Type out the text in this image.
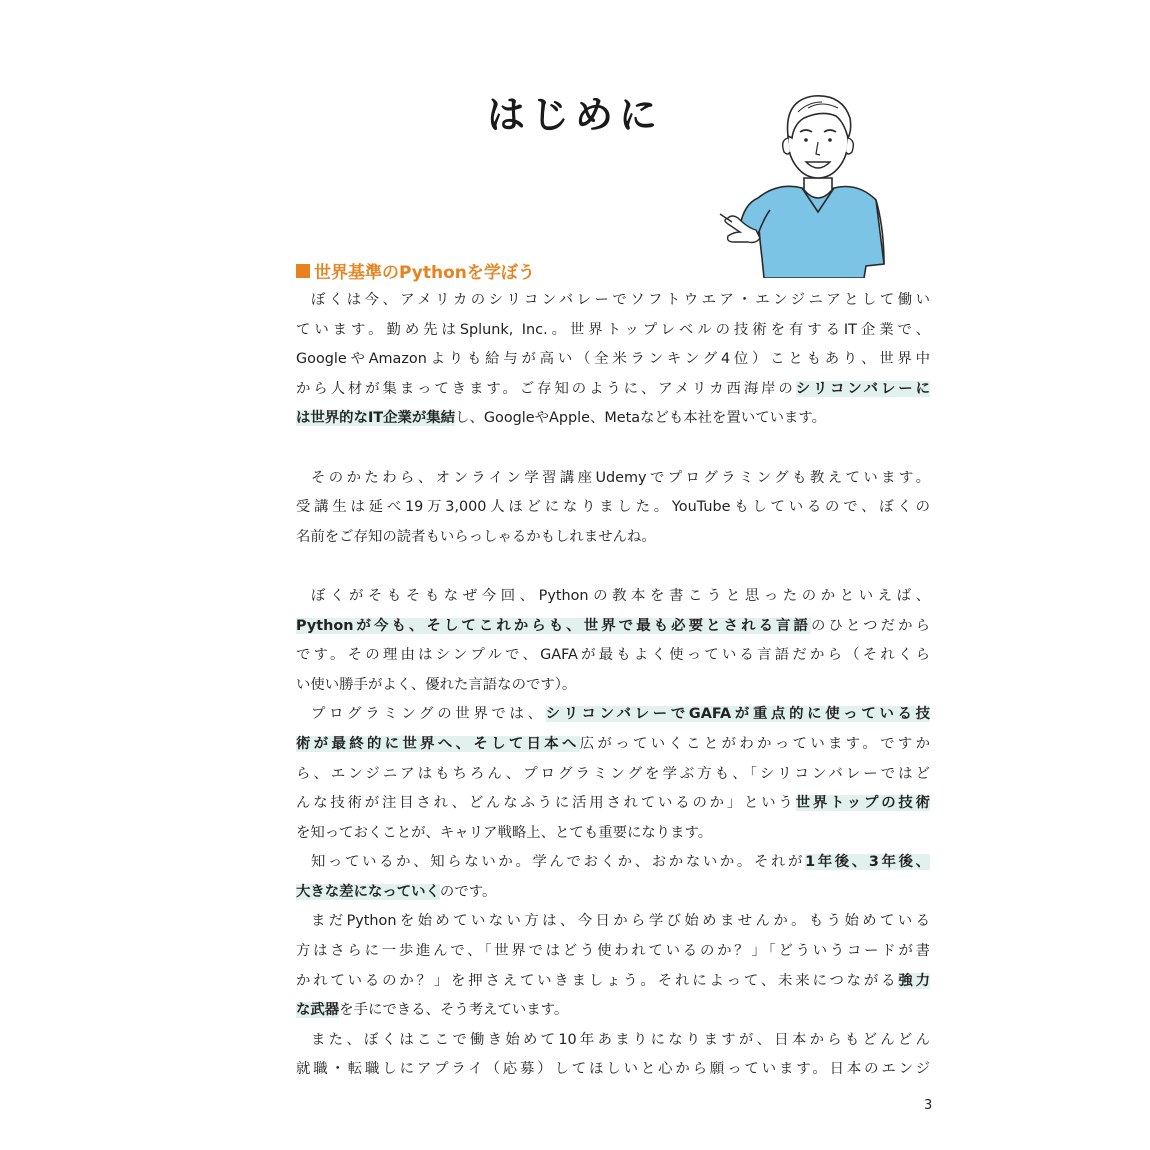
はじめに
世界基準のPythonを学ぼう
ぼくは今、アメリカのシリコンバレーでソフトウエア・エンジニアとして働い
ています。勤め先は
Splunk, Inc.。世界トップレベルの技術を有するIT企業で、
GoogleやAmazonよりも給与が高い（全米ランキング4位）こともあり、世界中
から人材が集まってきます。ご存知のように、アメリカ西海岸のシリコンバレーに
は世界的なIT企業が集結し、GoogleやApple、Metaなども本社を置いています。
そのかたわら、オンライン学習講座Udemyでプログラミングも教えています。
受講生は延べ19万3,000人ほどになりました。YouTubeもしているので、ぼくの
名前をご存知の読者もいらっしゃるかもしれませんね。
ぼくがそもそもなぜ今回、Pythonの教本を書こうと思ったのかといえば、
Pythonが今も、そしてこれからも、世界で最も必要とされる言語のひとつだから
です。その理由はシンプルで、GAFAが最もよく使っている言語だから（それくら
い使い勝手がよく、優れた言語なのです）。
プログラミングの世界では、シリコンバレーでGAFAが重点的に使っている技
術が最終的に世界へ、そして日本へ広がっていくことがわかっています。ですか
ら、エンジニアはもちろん、プログラミングを学ぶ方も、「シリコンバレーではど
んな技術が注目され、どんなふうに活用されているのか」という世界トップの技術
を知っておくことが、キャリア戦略上、とても重要になります。
知っているか、知らないか。学んでおくか、おかないか。それが1年後、3年後、
大きな差になっていくのです。
まだPythonを始めていない方は、今日から学び始めませんか。もう始めている
方はさらに一歩進んで、「世界ではどう使われているのか？」「どういうコードが書
かれているのか？」を押さえていきましょう。それによって、未来につながる強力
な武器を手にできる、そう考えています。
また、ぼくはここで働き始めて10年あまりになりますが、日本からもどんどん
就職・転職しにアプライ（応募）してほしいと心から願っています。日本のエンジ
3
